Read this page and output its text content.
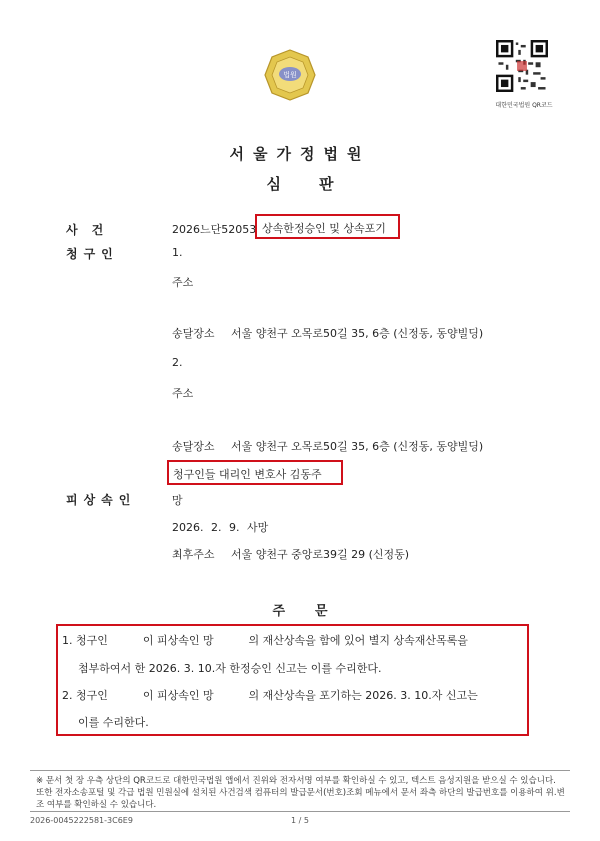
법원
대한민국법원 QR코드
서울가정법원
심판
사건	2026느단52053 상속한정승인 및 상속포기
청구인	1.
주소
송달장소 서울 양천구 오목로50길 35, 6층 (신정동, 동양빌딩)
2.
주소
송달장소 서울 양천구 오목로50길 35, 6층 (신정동, 동양빌딩)
청구인들 대리인 변호사 김동주
피상속인	망
2026. 2. 9. 사망
최후주소 서울 양천구 중앙로39길 29 (신정동)
주문
1. 청구인          이 피상속인 망          의 재산상속을 함에 있어 별지 상속재산목록을
첨부하여서 한 2026. 3. 10.자 한정승인 신고는 이를 수리한다.
2. 청구인          이 피상속인 망          의 재산상속을 포기하는 2026. 3. 10.자 신고는
이를 수리한다.
※ 문서 첫 장 우측 상단의 QR코드로 대한민국법원 앱에서 진위와 전자서명 여부를 확인하실 수 있고, 텍스트 음성지원을 받으실 수 있습니다. 또한 전자소송포털 및 각급 법원 민원실에 설치된 사건검색 컴퓨터의 발급문서(번호)조회 메뉴에서 문서 좌측 하단의 발급번호를 이용하여 위.변조 여부를 확인하실 수 있습니다.
2026-0045222581-3C6E9	1 / 5
